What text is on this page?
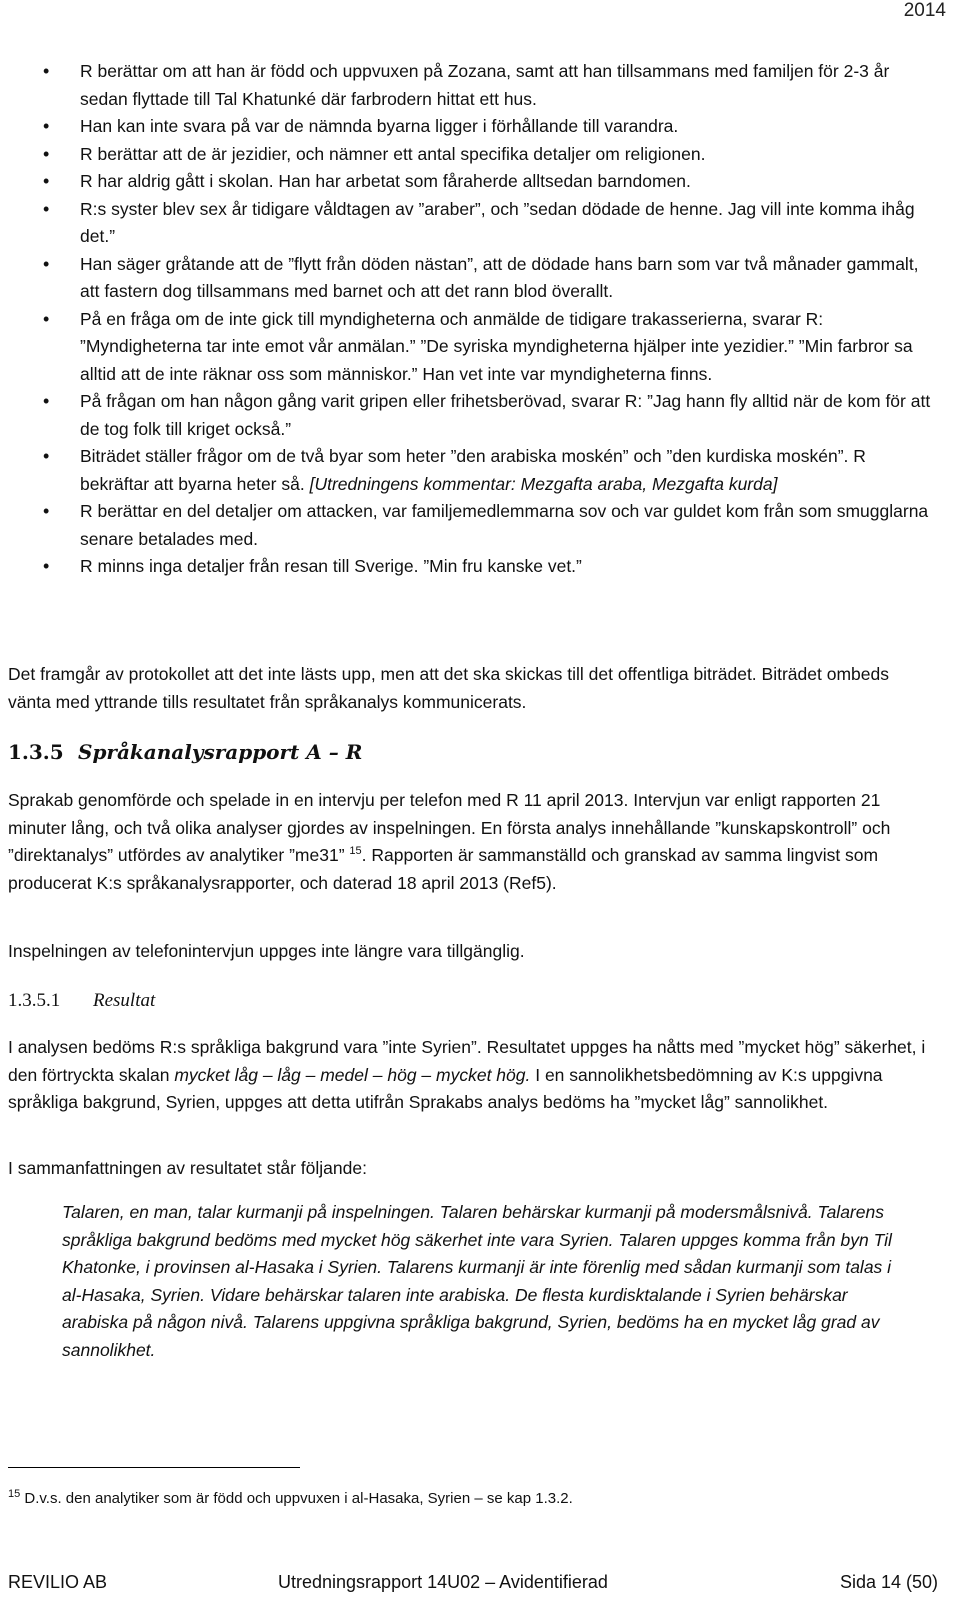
2014
• R berättar om att han är född och uppvuxen på Zozana, samt att han tillsammans med familjen för 2-3 år sedan flyttade till Tal Khatunké där farbrodern hittat ett hus.
• Han kan inte svara på var de nämnda byarna ligger i förhållande till varandra.
• R berättar att de är jezidier, och nämner ett antal specifika detaljer om religionen.
• R har aldrig gått i skolan. Han har arbetat som fåraherde alltsedan barndomen.
• R:s syster blev sex år tidigare våldtagen av ”araber”, och ”sedan dödade de henne. Jag vill inte komma ihåg det.”
• Han säger gråtande att de ”flytt från döden nästan”, att de dödade hans barn som var två månader gammalt, att fastern dog tillsammans med barnet och att det rann blod överallt.
• På en fråga om de inte gick till myndigheterna och anmälde de tidigare trakasserierna, svarar R: ”Myndigheterna tar inte emot vår anmälan.” ”De syriska myndigheterna hjälper inte yezidier.” ”Min farbror sa alltid att de inte räknar oss som människor.” Han vet inte var myndigheterna finns.
• På frågan om han någon gång varit gripen eller frihetsberövad, svarar R: ”Jag hann fly alltid när de kom för att de tog folk till kriget också.”
• Biträdet ställer frågor om de två byar som heter ”den arabiska moskén” och ”den kurdiska moskén”. R bekräftar att byarna heter så. [Utredningens kommentar: Mezgafta araba, Mezgafta kurda]
• R berättar en del detaljer om attacken, var familjemedlemmarna sov och var guldet kom från som smugglarna senare betalades med.
• R minns inga detaljer från resan till Sverige. ”Min fru kanske vet.”

Det framgår av protokollet att det inte lästs upp, men att det ska skickas till det offentliga biträdet. Biträdet ombeds vänta med yttrande tills resultatet från språkanalys kommunicerats.

1.3.5 Språkanalysrapport A – R

Sprakab genomförde och spelade in en intervju per telefon med R 11 april 2013. Intervjun var enligt rapporten 21 minuter lång, och två olika analyser gjordes av inspelningen. En första analys innehållande ”kunskapskontroll” och ”direktanalys” utfördes av analytiker ”me31” $^{15}$. Rapporten är sammanställd och granskad av samma lingvist som producerat K:s språkanalysrapporter, och daterad 18 april 2013 (Ref5).

Inspelningen av telefonintervjun uppges inte längre vara tillgänglig.

1.3.5.1 Resultat

I analysen bedöms R:s språkliga bakgrund vara ”inte Syrien”. Resultatet uppges ha nåtts med ”mycket hög” säkerhet, i den förtryckta skalan mycket låg – låg – medel – hög – mycket hög. I en sannolikhetsbedömning av K:s uppgivna språkliga bakgrund, Syrien, uppges att detta utifrån Sprakabs analys bedöms ha ”mycket låg” sannolikhet.

I sammanfattningen av resultatet står följande:

Talaren, en man, talar kurmanji på inspelningen. Talaren behärskar kurmanji på modersmålsnivå. Talarens språkliga bakgrund bedöms med mycket hög säkerhet inte vara Syrien. Talaren uppges komma från byn Til Khatonke, i provinsen al-Hasaka i Syrien. Talarens kurmanji är inte förenlig med sådan kurmanji som talas i al-Hasaka, Syrien. Vidare behärskar talaren inte arabiska. De flesta kurdisktalande i Syrien behärskar arabiska på någon nivå. Talarens uppgivna språkliga bakgrund, Syrien, bedöms ha en mycket låg grad av sannolikhet.

$^{15}$ D.v.s. den analytiker som är född och uppvuxen i al-Hasaka, Syrien – se kap 1.3.2.

REVILIO AB	Utredningsrapport 14U02 – Avidentifierad	Sida 14 (50)
